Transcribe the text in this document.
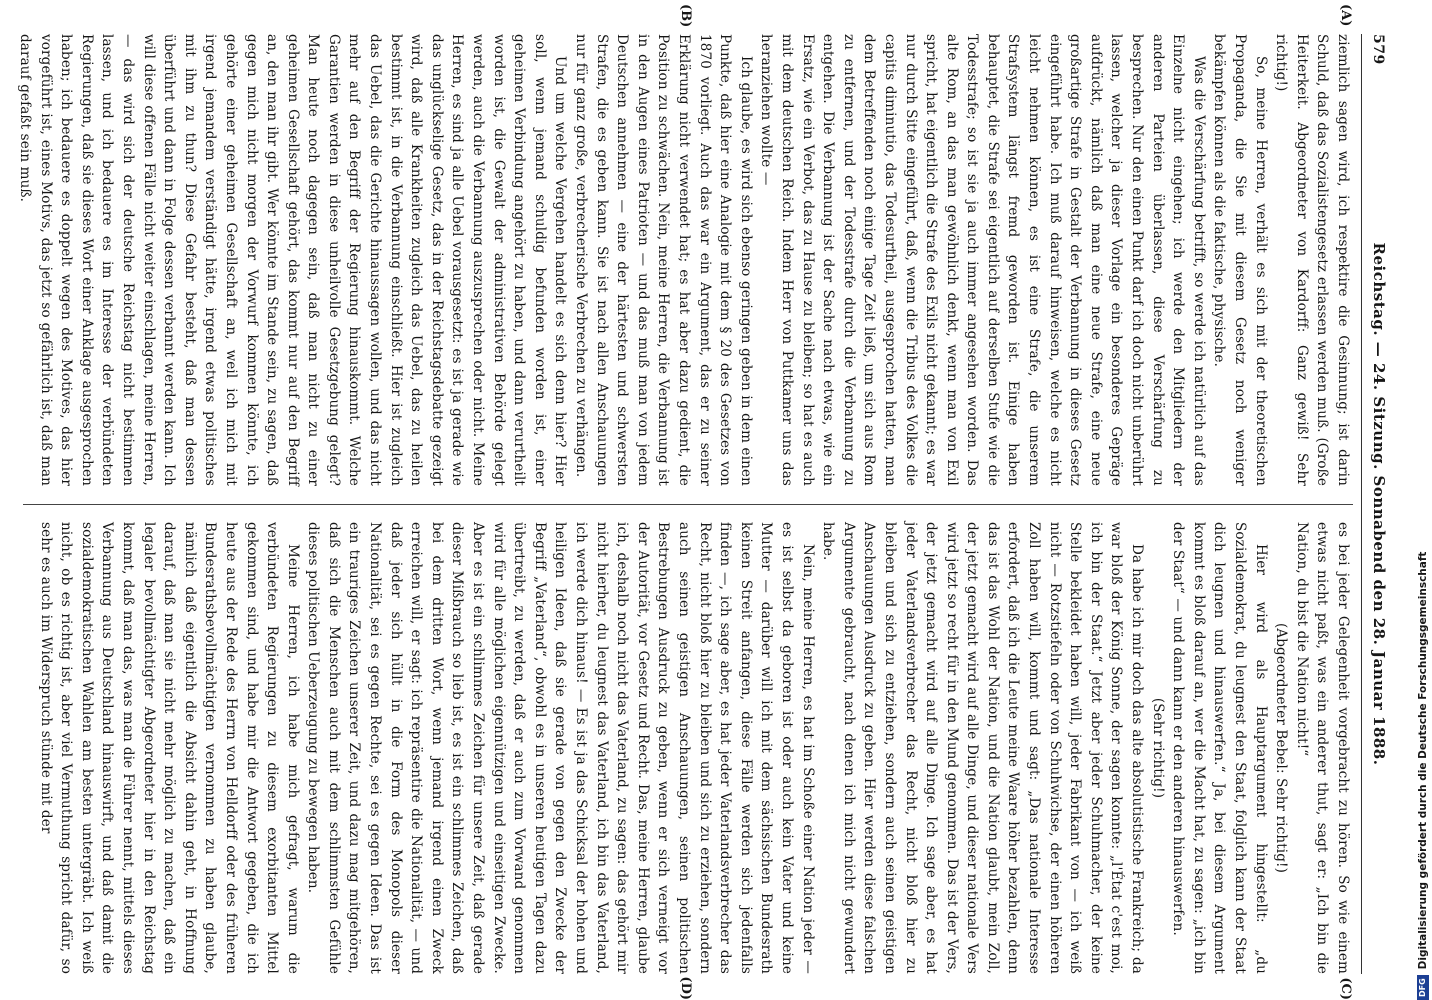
579
Reichstag. — 24. Sitzung. Sonnabend den 28. Januar 1888.
(A)
(B)

ziemlich sagen wird, ich respektire die Gesinnung; ist darin Schuld, daß das Sozialistengesetz erlassen werden muß. (Große Heiterkeit. Abgeordneter von Kardorff: Ganz gewiß! Sehr richtig!)

So, meine Herren, verhält es sich mit der theoretischen Propaganda, die Sie mit diesem Gesetz noch weniger bekämpfen können als die faktische, physische.

Was die Verschärfung betrifft, so werde ich natürlich auf das Einzelne nicht eingehen; ich werde den Mitgliedern der anderen Parteien überlassen, diese Verschärfung zu besprechen. Nur den einen Punkt darf ich doch nicht unberührt lassen, welcher ja dieser Vorlage ein besonderes Gepräge aufdrückt, nämlich daß man eine neue Strafe, eine neue großartige Strafe in Gestalt der Verbannung in dieses Gesetz eingeführt habe. Ich muß darauf hinweisen, welche es nicht leicht nehmen können, es ist eine Strafe, die unserem Strafsystem längst fremd geworden ist. Einige haben behauptet, die Strafe sei eigentlich auf derselben Stufe wie die Todesstrafe; so ist sie ja auch immer angesehen worden. Das alte Rom, an das man gewöhnlich denkt, wenn man von Exil spricht, hat eigentlich die Strafe des Exils nicht gekannt; es war nur durch Sitte eingeführt, daß, wenn die Tribus des Volkes die capitis diminutio, das Todesurtheil, ausgesprochen hatten, man dem Betreffenden noch einige Tage Zeit ließ, um sich aus Rom zu entfernen, und der Todesstrafe durch die Verbannung zu entgehen. Die Verbannung ist der Sache nach etwas, wie ein Ersatz, wie ein Verbot, das zu Hause zu bleiben; so hat es auch mit dem deutschen Reich. Indem Herr von Puttkamer uns das heranziehen wollte —

Ich glaube, es wird sich ebenso geringen geben in dem einen Punkte, daß hier eine Analogie mit dem § 20 des Gesetzes von 1870 vorliegt. Auch das war ein Argument, das er zu seiner Erklärung nicht verwendet hat; es hat aber dazu gedient, die Position zu schwächen. Nein, meine Herren, die Verbannung ist in den Augen eines Patrioten — und das muß man von jedem Deutschen annehmen — eine der härtesten und schwersten Strafen, die es geben kann. Sie ist nach allen Anschauungen nur für ganz große, verbrecherische Verbrechen zu verhängen.

Und um welche Vergehen handelt es sich denn hier? Hier soll, wenn jemand schuldig befunden worden ist, einer geheimen Verbindung angehört zu haben, und dann verurtheilt worden ist, die Gewalt der administrativen Behörde gelegt werden, auch die Verbannung auszusprechen oder nicht. Meine Herren, es sind ja alle Uebel vorausgesetzt: es ist ja gerade wie das unglückselige Gesetz, das in der Reichstagsdebatte gezeigt wird, daß alle Krankheiten zugleich das Uebel, das zu heilen bestimmt ist, in die Verbannung einschließt. Hier ist zugleich das Uebel, das die Gerichte hinaussagen wollen, und das nicht mehr auf den Begriff der Regierung hinauskommt. Welche Garantien werden in diese unheilvolle Gesetzgebung gelegt? Man heute noch dagegen sein, daß man nicht zu einer geheimen Gesellschaft gehört, das kommt nur auf den Begriff an, den man ihr gibt. Wer könnte im Stande sein, zu sagen, daß gegen mich nicht morgen der Vorwurf kommen könnte, ich gehörte einer geheimen Gesellschaft an, weil ich mich mit irgend jemandem verständigt hätte, irgend etwas politisches mit ihm zu thun? Diese Gefahr besteht, daß man dessen überführt und dann in Folge dessen verbannt werden kann. Ich will diese offenen Fälle nicht weiter einschlagen, meine Herren, — das wird sich der deutsche Reichstag nicht bestimmen lassen, und ich bedauere es im Interesse der verbündeten Regierungen, daß sie dieses Wort einer Anklage ausgesprochen haben; ich bedauere es doppelt wegen des Motives, das hier vorgeführt ist, eines Motivs, das jetzt so gefährlich ist, daß man darauf gefaßt sein muß.

(C)
(D)

es bei jeder Gelegenheit vorgebracht zu hören. So wie einem etwas nicht paßt, was ein anderer thut, sagt er: „Ich bin die Nation, du bist die Nation nicht!“

(Abgeordneter Bebel: Sehr richtig!)

Hier wird als Hauptargument hingestellt: „du Sozialdemokrat, du leugnest den Staat, folglich kann der Staat dich leugnen und hinauswerfen.“ Ja, bei diesem Argument kommt es bloß darauf an, wer die Macht hat, zu sagen: „ich bin der Staat“ — und dann kann er den anderen hinauswerfen.

(Sehr richtig!)

Da habe ich mir doch das alte absolutistische Frankreich; da war bloß der König Sonne, der sagen konnte: „l'État c'est moi, ich bin der Staat.“ Jetzt aber jeder Schuhmacher, der keine Stelle bekleidet haben will, jeder Fabrikant von — ich weiß nicht — Rotzstiefeln oder von Schuhwichse, der einen höheren Zoll haben will, kommt und sagt: „Das nationale Interesse erfordert, daß ich die Leute meine Waare höher bezahlen, denn das ist das Wohl der Nation, und die Nation glaubt, mein Zoll, der jetzt gemacht wird auf alle Dinge, und dieser nationale Vers wird jetzt so recht für in den Mund genommen. Das ist der Vers, der jetzt gemacht wird auf alle Dinge. Ich sage aber, es hat jeder Vaterlandsverbrecher das Recht, nicht bloß hier zu bleiben und sich zu entziehen, sondern auch seinen geistigen Anschauungen Ausdruck zu geben. Hier werden diese falschen Argumente gebraucht, nach denen ich mich nicht gewundert habe.

Nein, meine Herren, es hat im Schoße einer Nation jeder — es ist selbst da geboren ist oder auch kein Vater und keine Mutter — darüber will ich mit dem sächsischen Bundesrath keinen Streit anfangen, diese Fälle werden sich jedenfalls finden —, ich sage aber, es hat jeder Vaterlandsverbrecher das Recht, nicht bloß hier zu bleiben und sich zu erziehen, sondern auch seinen geistigen Anschauungen, seinen politischen Bestrebungen Ausdruck zu geben, wenn er sich verneigt vor der Autorität, vor Gesetz und Recht. Das, meine Herren, glaube ich, deshalb noch nicht das Vaterland, zu sagen: das gehört mir nicht hierher, du leugnest das Vaterland, ich bin das Vaterland, ich werde dich hinaus! — Es ist ja das Schicksal der hohen und heiligen Ideen, daß sie gerade von gegen den Zwecke der Begriff „Vaterland“, obwohl es in unseren heutigen Tagen dazu übertreibt, zu werden, daß er auch zum Vorwand genommen wird für alle möglichen eigennützigen und einseitigen Zwecke. Aber es ist ein schlimmes Zeichen für unsere Zeit, daß gerade dieser Mißbrauch so lieb ist, es ist ein schlimmes Zeichen, daß bei dem dritten Wort, wenn jemand irgend einen Zweck erreichen will, er sagt: ich repräsentire die Nationalität, — und daß jeder sich hüllt in die Form des Monopols dieser Nationalität, sei es gegen Rechte, sei es gegen Ideen. Das ist ein trauriges Zeichen unserer Zeit, und dazu mag mitgehören, daß sich die Menschen auch mit dem schlimmsten Gefühle dieses politischen Ueberzeugung zu bewegen haben.

Meine Herren, ich habe mich gefragt, warum die verbündeten Regierungen zu diesem exorbitanten Mittel gekommen sind, und habe mir die Antwort gegeben, die ich heute aus der Rede des Herrn von Helldorff oder des früheren Bundesrathsbevollmächtigten vernommen zu haben glaube, nämlich daß eigentlich die Absicht dahin geht, in Hoffnung darauf, daß man sie nicht mehr möglich zu machen, daß ein legaler bevollmächtigter Abgeordneter hier in den Reichstag kommt, daß man das, was man die Führer nennt, mittels dieses Verbannung aus Deutschland hinauswirft, und daß damit die sozialdemokratischen Wahlen am besten untergräbt. Ich weiß nicht, ob es richtig ist, aber viel Vermuthung spricht dafür, so sehr es auch im Widerspruch stünde mit der

DFG
Digitalisierung gefördert durch die Deutsche Forschungsgemeinschaft
